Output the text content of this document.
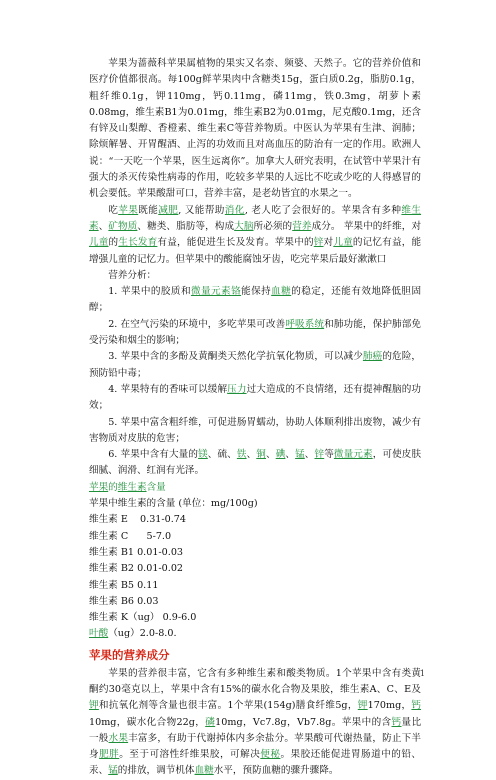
苹果为蔷薇科苹果属植物的果实又名柰、频婆、天然子。它的营养价值和医疗价值都很高。每100g鲜苹果肉中含糖类15g，蛋白质0.2g，脂肪0.1g，粗纤维0.1g，钾110mg，钙0.11mg，磷11mg，铁0.3mg，胡萝卜素0.08mg，维生素B1为0.01mg，维生素B2为0.01mg，尼克酸0.1mg，还含有锌及山梨醇、香橙素、维生素C等营养物质。中医认为苹果有生津、润肺；除烦解暑、开胃醒酒、止泻的功效而且对高血压的防治有一定的作用。欧洲人说：“一天吃一个苹果，医生远离你”。加拿大人研究表明，在试管中苹果汁有强大的杀灭传染性病毒的作用，吃较多苹果的人远比不吃或少吃的人得感冒的机会要低。苹果酸甜可口，营养丰富，是老幼皆宜的水果之一。

吃苹果既能减肥, 又能帮助消化, 老人吃了会很好的。苹果含有多种维生素、矿物质、糖类、脂肪等，构成大脑所必须的营养成分。 苹果中的纤维，对儿童的生长发育有益，能促进生长及发育。苹果中的锌对儿童的记忆有益，能增强儿童的记忆力。但苹果中的酸能腐蚀牙齿，吃完苹果后最好漱漱口

营养分析：

1. 苹果中的胶质和微量元素铬能保持血糖的稳定，还能有效地降低胆固醇；

2. 在空气污染的环境中，多吃苹果可改善呼吸系统和肺功能，保护肺部免受污染和烟尘的影响；

3. 苹果中含的多酚及黄酮类天然化学抗氧化物质，可以减少肺癌的危险，预防铅中毒；

4. 苹果特有的香味可以缓解压力过大造成的不良情绪，还有提神醒脑的功效；

5. 苹果中富含粗纤维，可促进肠胃蠕动，协助人体顺利排出废物，减少有害物质对皮肤的危害；

6. 苹果中含有大量的镁、硫、铁、铜、碘、锰、锌等微量元素，可使皮肤细腻、润滑、红润有光泽。

苹果的维生素含量

苹果中维生素的含量 (单位：mg/100g)

维生素 E 0.31-0.74
维生素 C 5-7.0
维生素 B1 0.01-0.03
维生素 B2 0.01-0.02
维生素 B5 0.11
维生素 B6 0.03
维生素 K（ug） 0.9-6.0
叶酸（ug）2.0-8.0.
苹果的营养成分

苹果的营养很丰富，它含有多种维生素和酸类物质。1个苹果中含有类黄酮约30毫克以上，苹果中含有15%的碳水化合物及果胶，维生素A、C、E及钾和抗氧化剂等含量也很丰富。1个苹果(154g)膳食纤维5g，钾170mg，钙10mg，碳水化合物22g，磷10mg，Vc7.8g，Vb7.8g。苹果中的含钙量比一般水果丰富多，有助于代谢掉体内多余盐分。苹果酸可代谢热量，防止下半身肥胖。至于可溶性纤维果胶，可解决便秘。果胶还能促进胃肠道中的铅、汞、锰的排放，调节机体血糖水平，预防血糖的骤升骤降。

1
